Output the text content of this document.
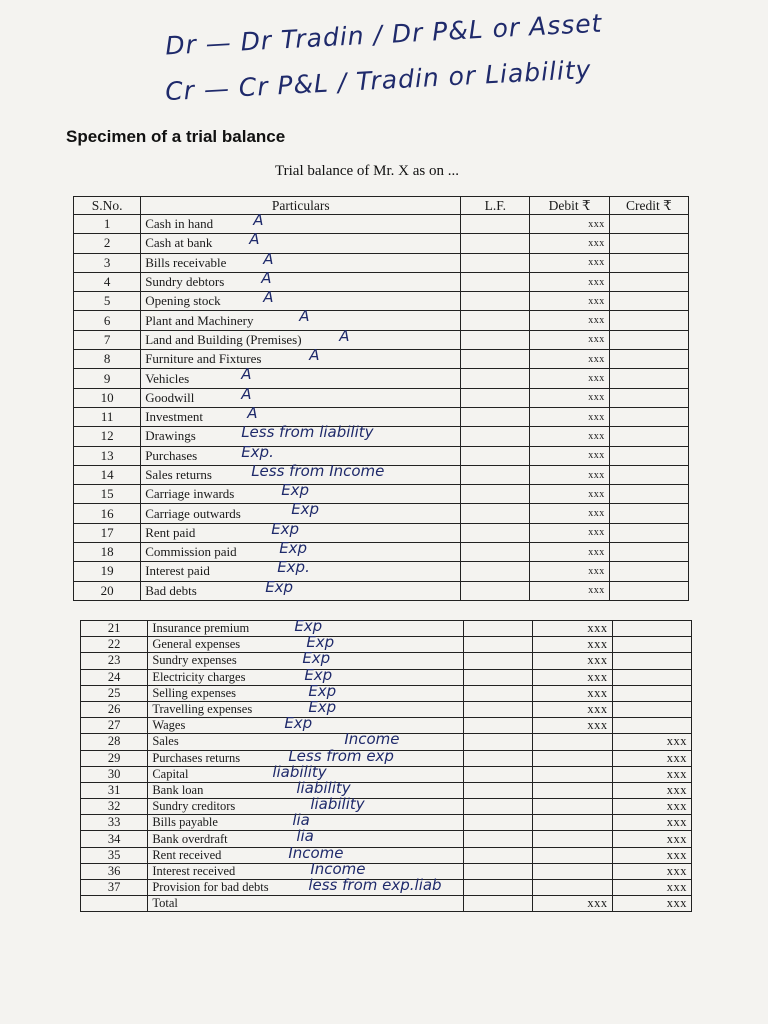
Dr — Dr Tradin / Dr P&L or Asset
Cr — Cr P&L / Tradin or Liability
Specimen of a trial balance
Trial balance of Mr. X as on ...
S.No.	Particulars	L.F.	Debit ₹	Credit ₹
1	Cash in hand A		xxx	
2	Cash at bank A		xxx	
3	Bills receivable A		xxx	
4	Sundry debtors A		xxx	
5	Opening stock A		xxx	
6	Plant and Machinery A		xxx	
7	Land and Building (Premises) A		xxx	
8	Furniture and Fixtures A		xxx	
9	Vehicles A		xxx	
10	Goodwill A		xxx	
11	Investment A		xxx	
12	Drawings Less from liability		xxx	
13	Purchases Exp.		xxx	
14	Sales returns Less from Income		xxx	
15	Carriage inwards Exp		xxx	
16	Carriage outwards Exp		xxx	
17	Rent paid Exp		xxx	
18	Commission paid Exp		xxx	
19	Interest paid Exp.		xxx	
20	Bad debts Exp		xxx	
21	Insurance premium Exp		xxx	
22	General expenses Exp		xxx	
23	Sundry expenses Exp		xxx	
24	Electricity charges Exp		xxx	
25	Selling expenses Exp		xxx	
26	Travelling expenses Exp		xxx	
27	Wages Exp		xxx	
28	Sales Income			xxx
29	Purchases returns Less from exp			xxx
30	Capital liability			xxx
31	Bank loan liability			xxx
32	Sundry creditors liability			xxx
33	Bills payable lia			xxx
34	Bank overdraft lia			xxx
35	Rent received Income			xxx
36	Interest received Income			xxx
37	Provision for bad debts less from exp.liab			xxx
	Total		xxx	xxx
